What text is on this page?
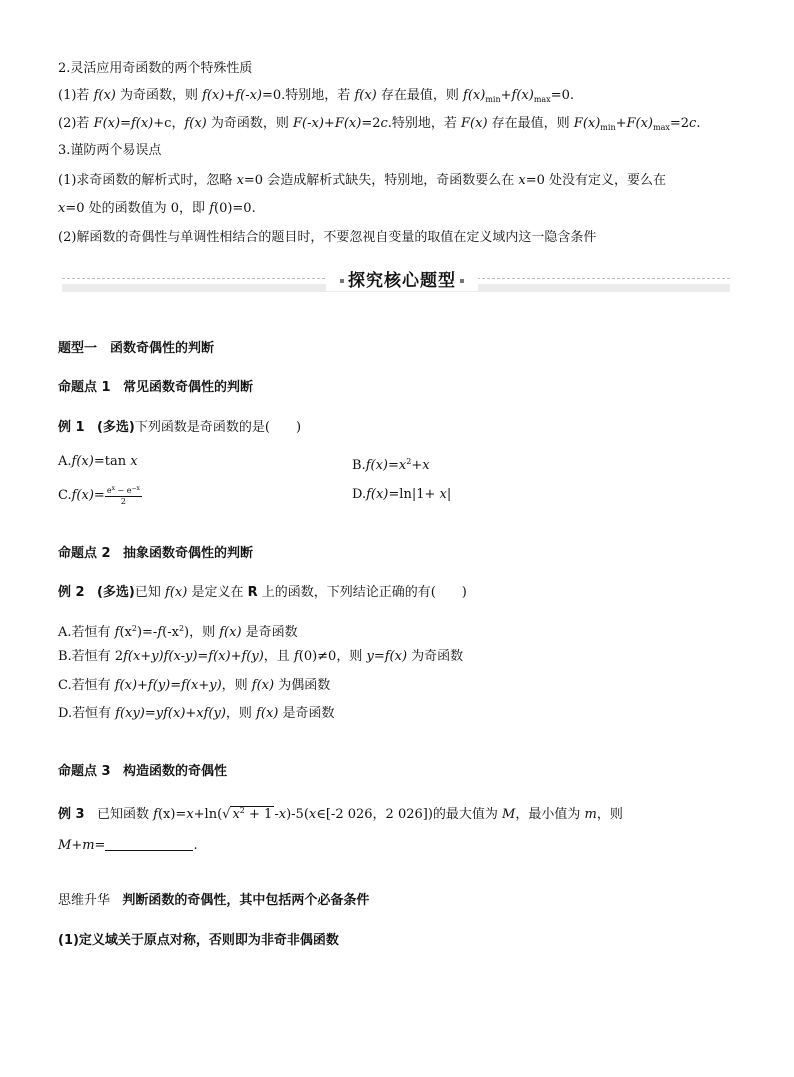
2.灵活应用奇函数的两个特殊性质
(1)若 f(x) 为奇函数，则 f(x)+f(-x)=0.特别地，若 f(x) 存在最值，则 $f(x)_{min}+f(x)_{max}=0$.
(2)若 F(x)=f(x)+c，f(x) 为奇函数，则 F(-x)+F(x)=2c.特别地，若 F(x) 存在最值，则 $F(x)_{min}+F(x)_{max}=2c$.
3.谨防两个易误点
(1)求奇函数的解析式时，忽略 x=0 会造成解析式缺失，特别地，奇函数要么在 x=0 处没有定义，要么在
x=0 处的函数值为 0，即 f(0)=0.
(2)解函数的奇偶性与单调性相结合的题目时，不要忽视自变量的取值在定义域内这一隐含条件
探究核心题型
题型一　函数奇偶性的判断
命题点 1 常见函数奇偶性的判断
例 1 (多选)下列函数是奇函数的是(　　)
A.f(x)=tan x	$B.f(x)=x^2+x$
$C.f(x)= \frac{e^x - e^{-x}}{2}$	D.f(x)=ln|1+ x|
命题点 2 抽象函数奇偶性的判断
例 2 (多选)已知 f(x) 是定义在 R 上的函数，下列结论正确的有(　　)
A.若恒有 $f(x^2)=-f(-x^2)$，则 f(x) 是奇函数
B.若恒有 2f(x+y)f(x-y)=f(x)+f(y)，且 f(0)≠0，则 y=f(x) 为奇函数
C.若恒有 f(x)+f(y)=f(x+y)，则 f(x) 为偶函数
D.若恒有 f(xy)=yf(x)+xf(y)，则 f(x) 是奇函数
命题点 3 构造函数的奇偶性
例 3 已知函数 f(x)=x+ln(√ $x^2 + 1$ -x)-5(x∈[-2 026，2 026])的最大值为 M，最小值为 m，则
M+m=	.
思维升华 判断函数的奇偶性，其中包括两个必备条件
(1)定义域关于原点对称，否则即为非奇非偶函数
